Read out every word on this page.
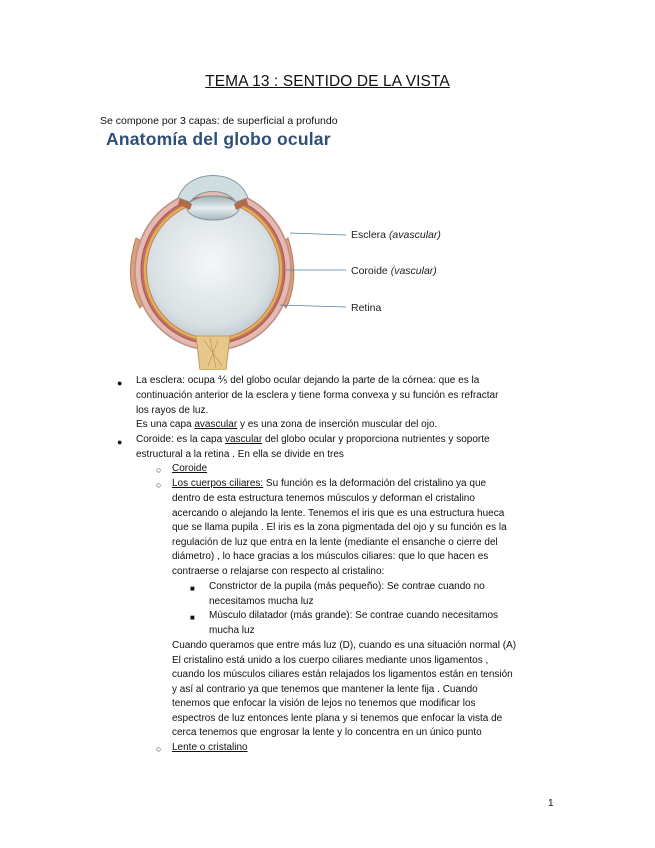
TEMA 13 : SENTIDO DE LA VISTA
Se compone por 3 capas: de superficial a profundo
Anatomía del globo ocular
Esclera (avascular)
Coroide (vascular)
Retina
● La esclera: ocupa ⅘ del globo ocular dejando la parte de la córnea: que es la
continuación anterior de la esclera y tiene forma convexa y su función es refractar
los rayos de luz.
Es una capa avascular y es una zona de inserción muscular del ojo.
● Coroide: es la capa vascular del globo ocular y proporciona nutrientes y soporte
estructural a la retina . En ella se divide en tres
○ Coroide
○ Los cuerpos ciliares: Su función es la deformación del cristalino ya que
dentro de esta estructura tenemos músculos y deforman el cristalino
acercando o alejando la lente. Tenemos el iris que es una estructura hueca
que se llama pupila . El iris es la zona pigmentada del ojo y su función es la
regulación de luz que entra en la lente (mediante el ensanche o cierre del
diámetro) , lo hace gracias a los músculos ciliares: que lo que hacen es
contraerse o relajarse con respecto al cristalino:
■ Constrictor de la pupila (más pequeño): Se contrae cuando no
necesitamos mucha luz
■ Músculo dilatador (más grande): Se contrae cuando necesitamos
mucha luz
Cuando queramos que entre más luz (D), cuando es una situación normal (A)
El cristalino está unido a los cuerpo ciliares mediante unos ligamentos ,
cuando los músculos ciliares están relajados los ligamentos están en tensión
y así al contrario ya que tenemos que mantener la lente fija . Cuando
tenemos que enfocar la visión de lejos no tenemos que modificar los
espectros de luz entonces lente plana y si tenemos que enfocar la vista de
cerca tenemos que engrosar la lente y lo concentra en un único punto
○ Lente o cristalino
1
